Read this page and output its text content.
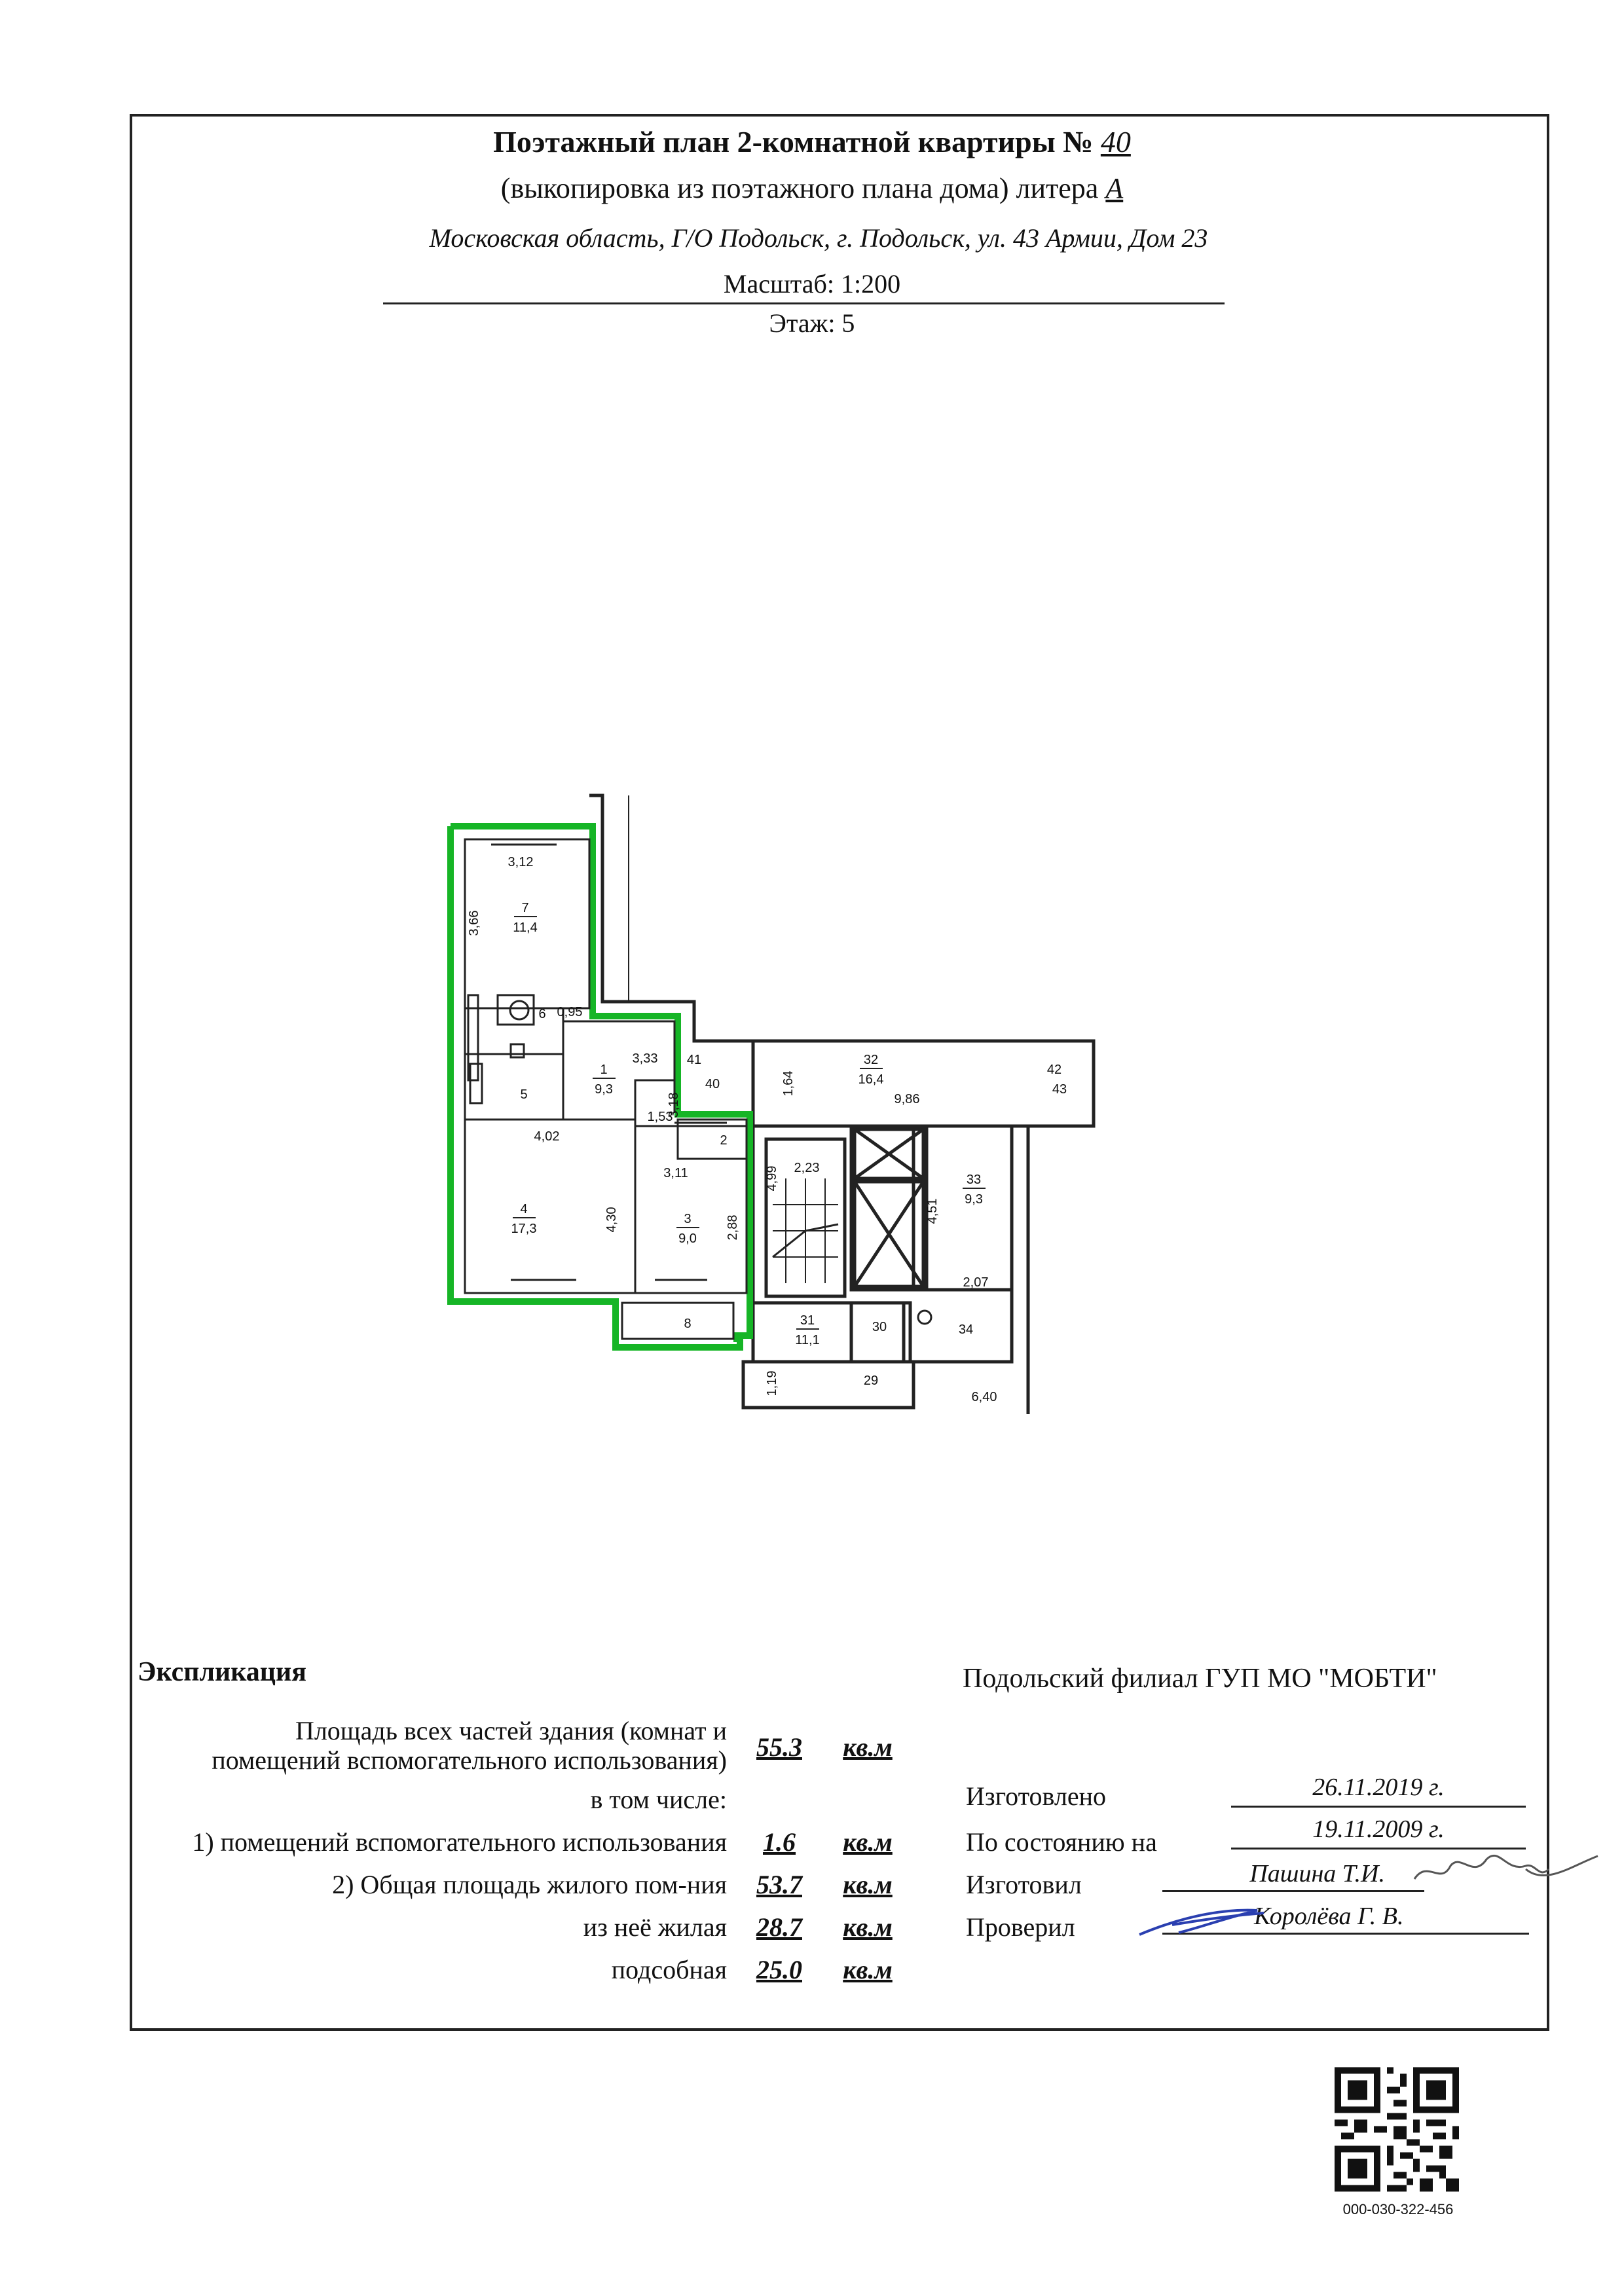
Поэтажный план 2-комнатной квартиры № 40
(выкопировка из поэтажного плана дома) литера А
Московская область, Г/О Подольск, г. Подольск, ул. 43 Армии, Дом 23
Масштаб: 1:200
Этаж: 5
3,12
3,66
7
11,4
6 0,95
5
1
9,3
3,33
3,18
4,02
1,53
2
3,11
4
17,3	4,30	3
9,0 2,88
8
41
40	1,64
32
16,4
9,86
42
43
4,99 2,23
33
9,3
4,51
2,07
31
11,1
30	34
1,19	29
6,40
Экспликация
Площадь всех частей здания (комнат и
помещений вспомогательного использования) 55.3 кв.м
в том числе:
1) помещений вспомогательного использования	1.6	кв.м
2) Общая площадь жилого пом-ния 53.7 кв.м
из неё жилая 28.7 кв.м
подсобная 25.0 кв.м
Подольский филиал ГУП МО "МОБТИ"
Изготовлено	26.11.2019 г.
По состоянию на	19.11.2009 г.
Изготовил	Пашина Т.И.
Проверил	Королёва Г. В.
000-030-322-456
